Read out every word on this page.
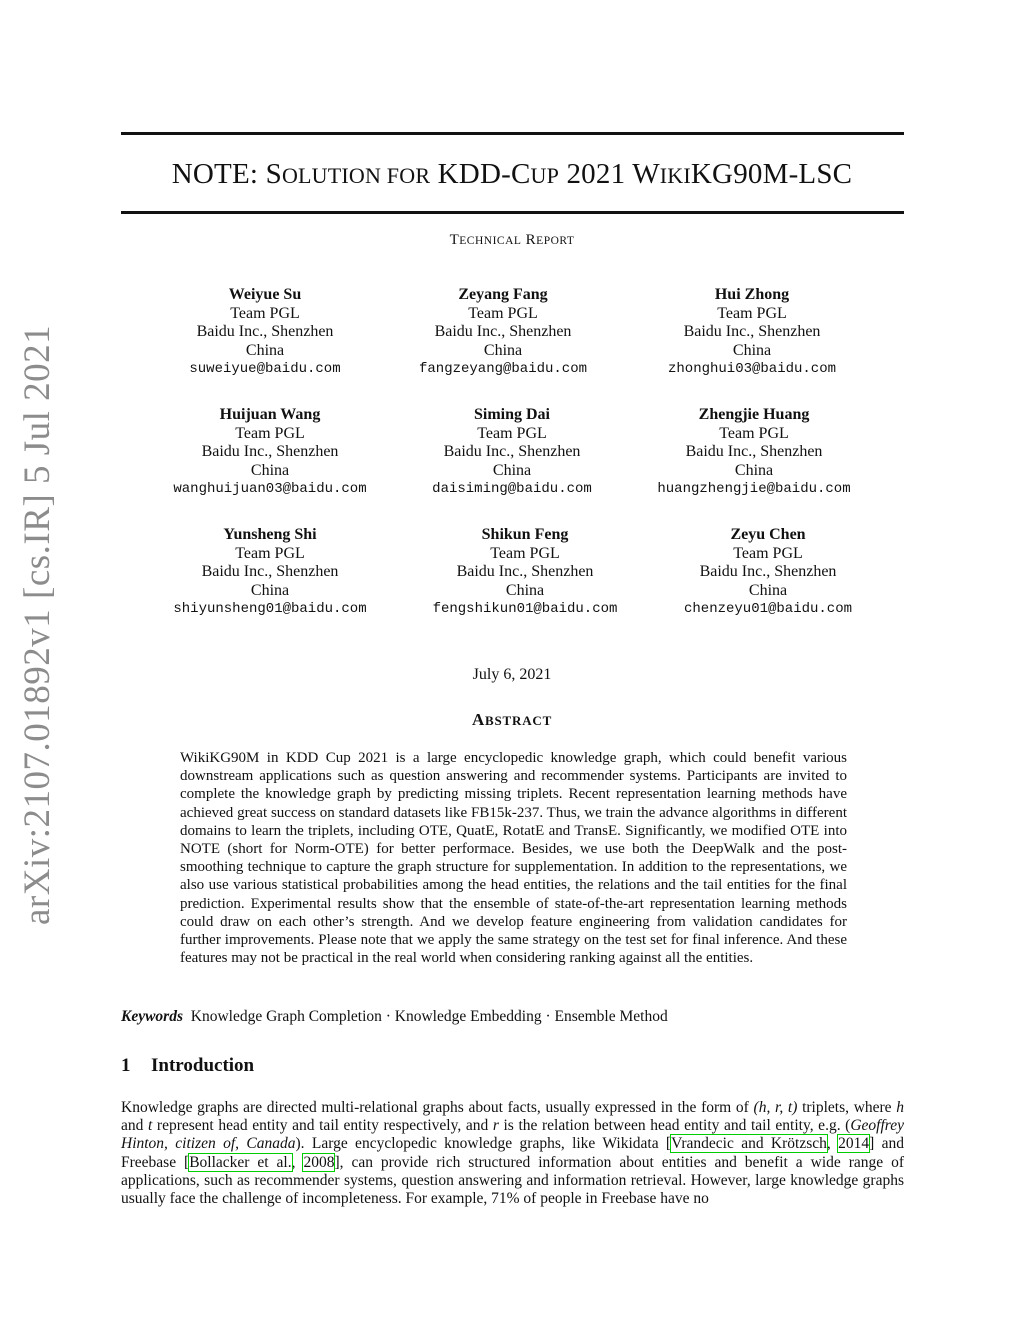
arXiv:2107.01892v1 [cs.IR] 5 Jul 2021
NOTE: SOLUTION FOR KDD-CUP 2021 WIKIKG90M-LSC
TECHNICAL REPORT
Weiyue Su
Team PGL
Baidu Inc., Shenzhen
China
suweiyue@baidu.com
Zeyang Fang
Team PGL
Baidu Inc., Shenzhen
China
fangzeyang@baidu.com
Hui Zhong
Team PGL
Baidu Inc., Shenzhen
China
zhonghui03@baidu.com
Huijuan Wang
Team PGL
Baidu Inc., Shenzhen
China
wanghuijuan03@baidu.com
Siming Dai
Team PGL
Baidu Inc., Shenzhen
China
daisiming@baidu.com
Zhengjie Huang
Team PGL
Baidu Inc., Shenzhen
China
huangzhengjie@baidu.com
Yunsheng Shi
Team PGL
Baidu Inc., Shenzhen
China
shiyunsheng01@baidu.com
Shikun Feng
Team PGL
Baidu Inc., Shenzhen
China
fengshikun01@baidu.com
Zeyu Chen
Team PGL
Baidu Inc., Shenzhen
China
chenzeyu01@baidu.com
July 6, 2021
ABSTRACT
WikiKG90M in KDD Cup 2021 is a large encyclopedic knowledge graph, which could benefit various downstream applications such as question answering and recommender systems. Participants are invited to complete the knowledge graph by predicting missing triplets. Recent representation learning methods have achieved great success on standard datasets like FB15k-237. Thus, we train the advance algorithms in different domains to learn the triplets, including OTE, QuatE, RotatE and TransE. Significantly, we modified OTE into NOTE (short for Norm-OTE) for better performace. Besides, we use both the DeepWalk and the post-smoothing technique to capture the graph structure for supplementation. In addition to the representations, we also use various statistical probabilities among the head entities, the relations and the tail entities for the final prediction. Experimental results show that the ensemble of state-of-the-art representation learning methods could draw on each other’s strength. And we develop feature engineering from validation candidates for further improvements. Please note that we apply the same strategy on the test set for final inference. And these features may not be practical in the real world when considering ranking against all the entities.
Keywords Knowledge Graph Completion · Knowledge Embedding · Ensemble Method
1 Introduction
Knowledge graphs are directed multi-relational graphs about facts, usually expressed in the form of (h, r, t) triplets, where h and t represent head entity and tail entity respectively, and r is the relation between head entity and tail entity, e.g. (Geoffrey Hinton, citizen of, Canada). Large encyclopedic knowledge graphs, like Wikidata [Vrandecic and Krötzsch, 2014] and Freebase [Bollacker et al., 2008], can provide rich structured information about entities and benefit a wide range of applications, such as recommender systems, question answering and information retrieval. However, large knowledge graphs usually face the challenge of incompleteness. For example, 71% of people in Freebase have no
